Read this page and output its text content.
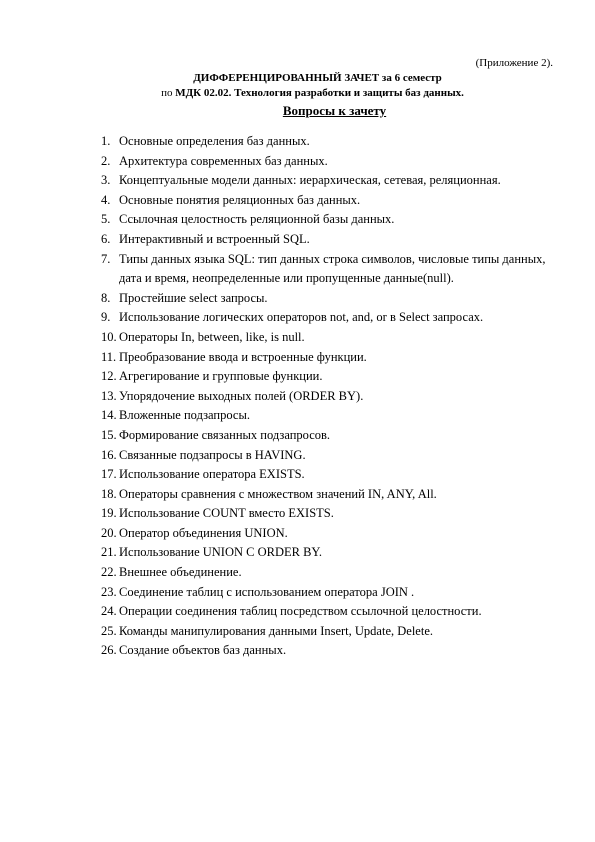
(Приложение 2).
ДИФФЕРЕНЦИРОВАННЫЙ ЗАЧЕТ за 6 семестр
по МДК 02.02. Технология разработки и защиты баз данных.
Вопросы к зачету
1. Основные определения баз данных.
2. Архитектура современных баз данных.
3. Концептуальные модели данных: иерархическая, сетевая, реляционная.
4. Основные понятия реляционных баз данных.
5. Ссылочная целостность реляционной базы данных.
6. Интерактивный и встроенный SQL.
7. Типы данных языка SQL: тип данных строка символов, числовые типы данных, дата и время, неопределенные или пропущенные данные(null).
8. Простейшие select запросы.
9. Использование логических операторов not, and, or в Select запросах.
10. Операторы In, between, like, is null.
11. Преобразование ввода и встроенные функции.
12. Агрегирование и групповые функции.
13. Упорядочение выходных полей (ORDER BY).
14. Вложенные подзапросы.
15. Формирование связанных подзапросов.
16. Связанные подзапросы в HAVING.
17. Использование оператора EXISTS.
18. Операторы сравнения с множеством значений IN, ANY, All.
19. Использование COUNT вместо EXISTS.
20. Оператор объединения UNION.
21. Использование UNION С ORDER BY.
22. Внешнее объединение.
23. Соединение таблиц с использованием оператора JOIN .
24. Операции соединения таблиц посредством ссылочной целостности.
25. Команды манипулирования данными Insert, Update, Delete.
26. Создание объектов баз данных.
